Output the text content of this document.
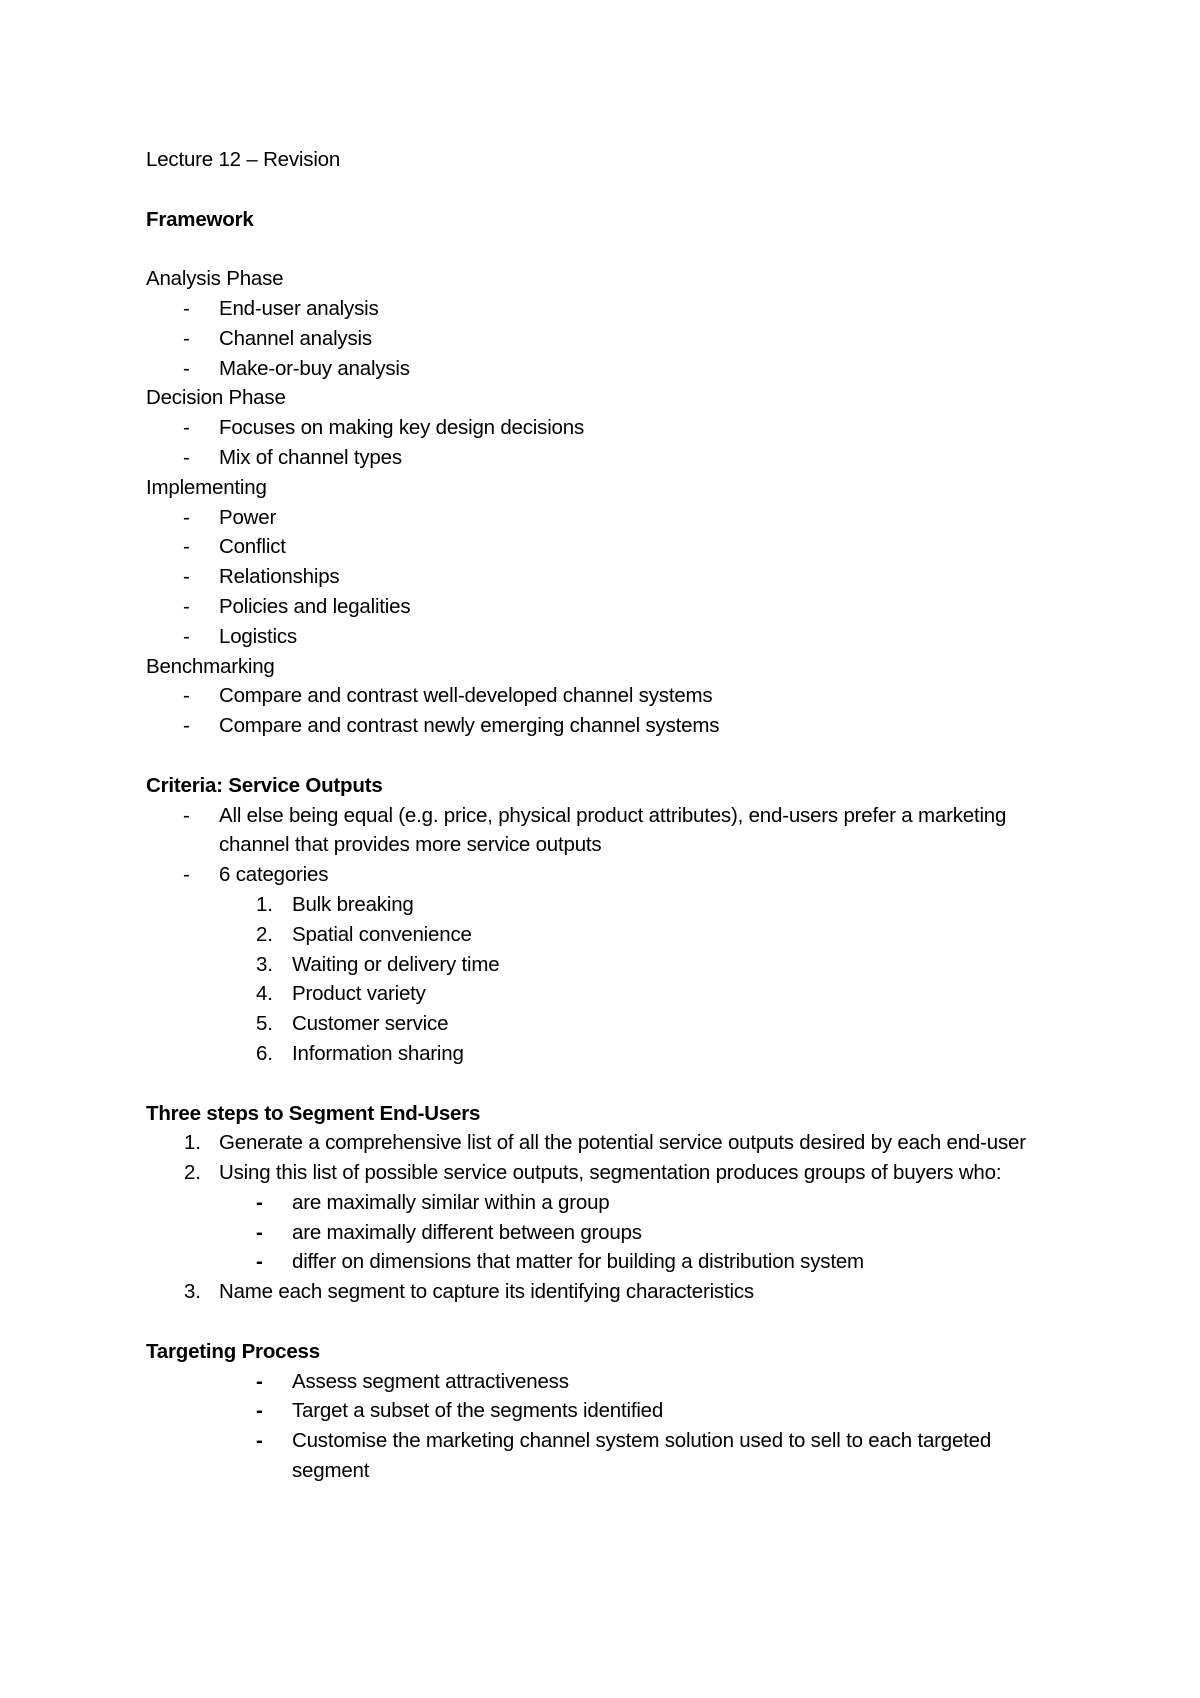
Lecture 12 – Revision
Framework
Analysis Phase
- End-user analysis
- Channel analysis
- Make-or-buy analysis
Decision Phase
- Focuses on making key design decisions
- Mix of channel types
Implementing
- Power
- Conflict
- Relationships
- Policies and legalities
- Logistics
Benchmarking
- Compare and contrast well-developed channel systems
- Compare and contrast newly emerging channel systems
Criteria: Service Outputs
- All else being equal (e.g. price, physical product attributes), end-users prefer a marketing channel that provides more service outputs
- 6 categories
1. Bulk breaking
2. Spatial convenience
3. Waiting or delivery time
4. Product variety
5. Customer service
6. Information sharing
Three steps to Segment End-Users
1. Generate a comprehensive list of all the potential service outputs desired by each end-user
2. Using this list of possible service outputs, segmentation produces groups of buyers who:
- are maximally similar within a group
- are maximally different between groups
- differ on dimensions that matter for building a distribution system
3. Name each segment to capture its identifying characteristics
Targeting Process
- Assess segment attractiveness
- Target a subset of the segments identified
- Customise the marketing channel system solution used to sell to each targeted segment
